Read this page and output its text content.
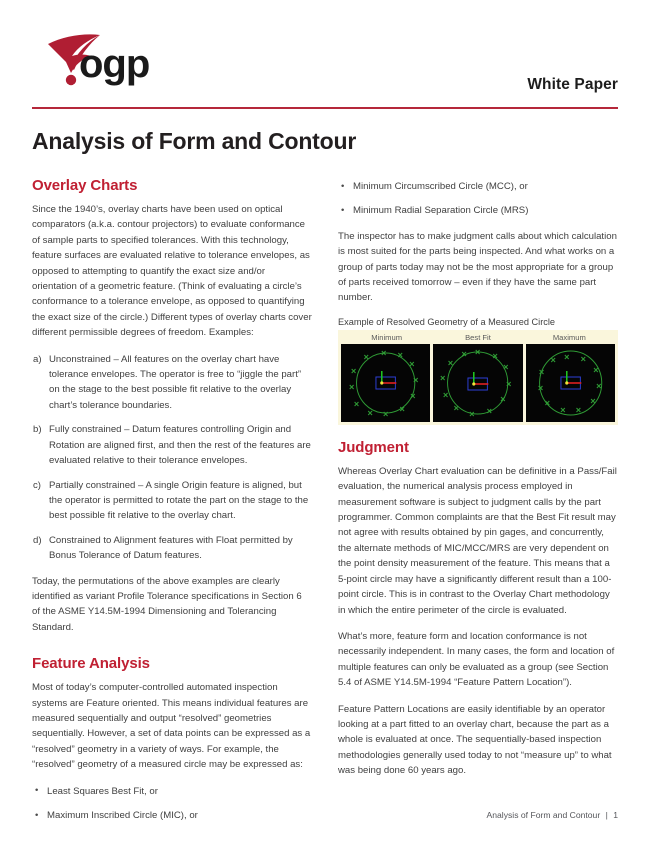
ogp	White Paper
Analysis of Form and Contour
Overlay Charts

Since the 1940’s, overlay charts have been used on optical comparators (a.k.a. contour projectors) to evaluate conformance of sample parts to specified tolerances. With this technology, feature surfaces are evaluated relative to tolerance envelopes, as opposed to attempting to quantify the exact size and/or orientation of a geometric feature. (Think of evaluating a circle’s conformance to a tolerance envelope, as opposed to quantifying the exact size of the circle.) Different types of overlay charts cover different permissible degrees of freedom. Examples:

a) Unconstrained – All features on the overlay chart have tolerance envelopes. The operator is free to “jiggle the part” on the stage to the best possible fit relative to the overlay chart’s tolerance boundaries.
b) Fully constrained – Datum features controlling Origin and Rotation are aligned first, and then the rest of the features are evaluated relative to their tolerance envelopes.
c) Partially constrained – A single Origin feature is aligned, but the operator is permitted to rotate the part on the stage to the best possible fit relative to the overlay chart.
d) Constrained to Alignment features with Float permitted by Bonus Tolerance of Datum features.

Today, the permutations of the above examples are clearly identified as variant Profile Tolerance specifications in Section 6 of the ASME Y14.5M-1994 Dimensioning and Tolerancing Standard.

Feature Analysis

Most of today’s computer-controlled automated inspection systems are Feature oriented. This means individual features are measured sequentially and output “resolved” geometries sequentially. However, a set of data points can be expressed as a “resolved” geometry in a variety of ways. For example, the “resolved” geometry of a measured circle may be expressed as:

• Least Squares Best Fit, or
• Maximum Inscribed Circle (MIC), or
• Minimum Circumscribed Circle (MCC), or
• Minimum Radial Separation Circle (MRS)

The inspector has to make judgment calls about which calculation is most suited for the parts being inspected. And what works on a group of parts today may not be the most appropriate for a group of parts received tomorrow – even if they have the same part number.

Example of Resolved Geometry of a Measured Circle
Minimum	Best Fit	Maximum
Judgment

Whereas Overlay Chart evaluation can be definitive in a Pass/Fail evaluation, the numerical analysis process employed in measurement software is subject to judgment calls by the part programmer. Common complaints are that the Best Fit result may not agree with results obtained by pin gages, and concurrently, the alternate methods of MIC/MCC/MRS are very dependent on the point density measurement of the feature. This means that a 5-point circle may have a significantly different result than a 100-point circle. This is in contrast to the Overlay Chart methodology in which the entire perimeter of the circle is evaluated.

What’s more, feature form and location conformance is not necessarily independent. In many cases, the form and location of multiple features can only be evaluated as a group (see Section 5.4 of ASME Y14.5M-1994 “Feature Pattern Location”).

Feature Pattern Locations are easily identifiable by an operator looking at a part fitted to an overlay chart, because the part as a whole is evaluated at once. The sequentially-based inspection methodologies generally used today to not “measure up” to what was being done 60 years ago.

Analysis of Form and Contour | 1
